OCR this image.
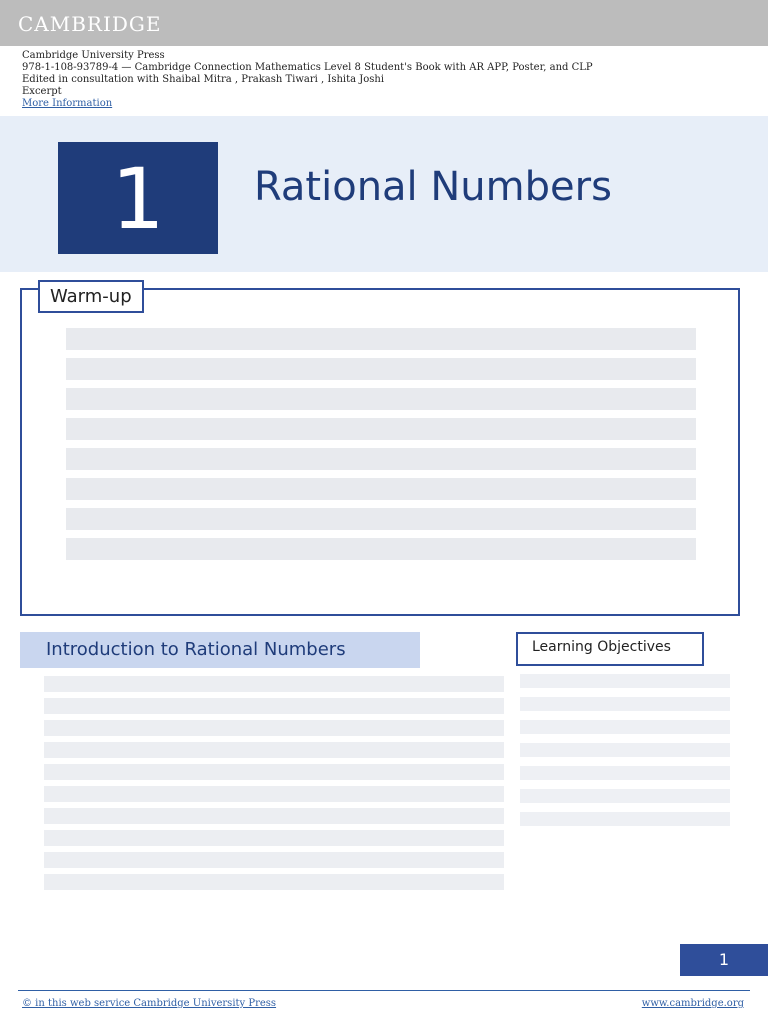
CAMBRIDGE
Cambridge University Press
978-1-108-93789-4 — Cambridge Connection Mathematics Level 8 Student's Book with AR APP, Poster, and CLP
Edited in consultation with Shaibal Mitra , Prakash Tiwari , Ishita Joshi
Excerpt
More Information
1	Rational Numbers
Warm-up
Introduction to Rational Numbers	Learning Objectives
1
© in this web service Cambridge University Press	www.cambridge.org
